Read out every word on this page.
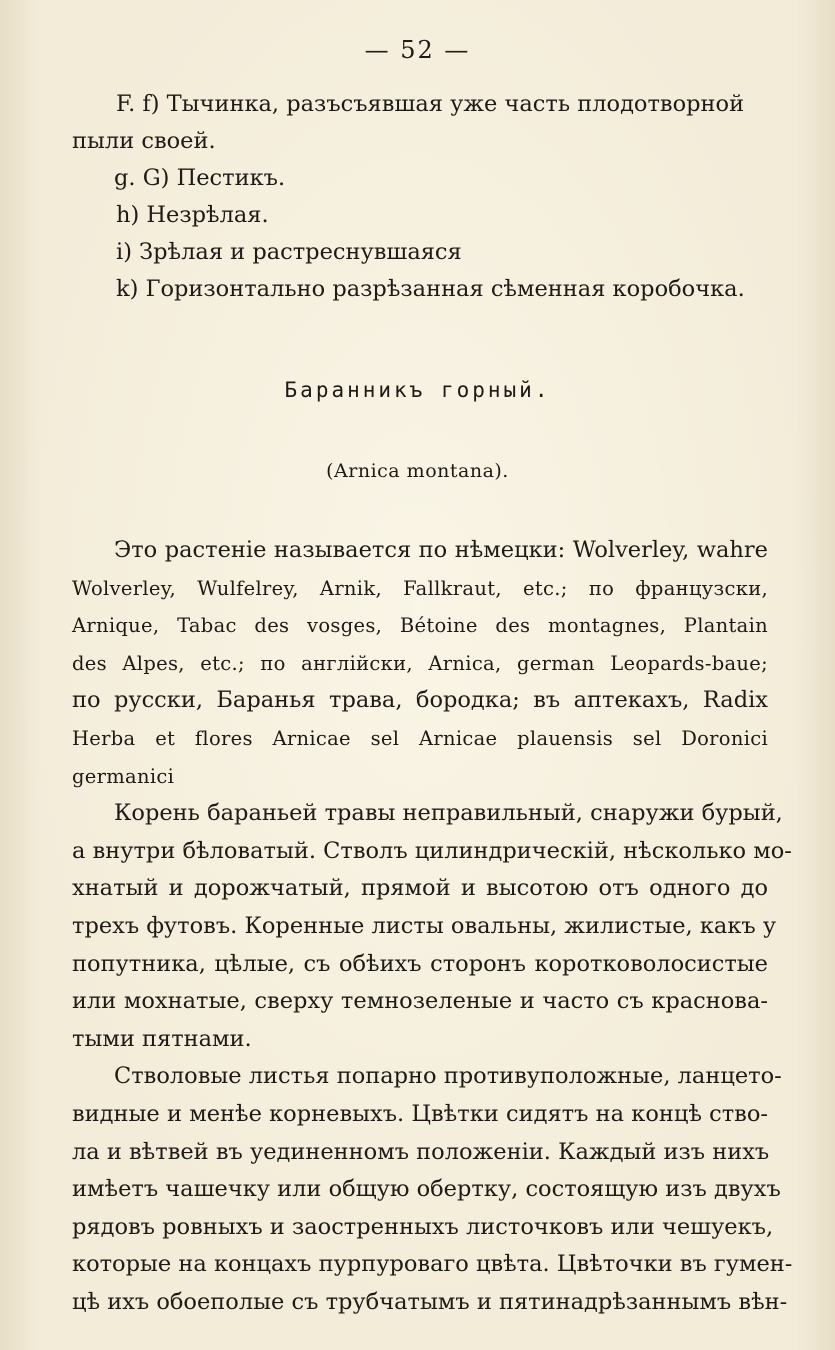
— 52 —
F. f) Тычинка, разъсъявшая уже часть плодотворной
пыли своей.
g. G) Пестикъ.
h) Незрѣлая.
i) Зрѣлая и растреснувшаяся
k) Горизонтально разрѣзанная сѣменная коробочка.
Баранникъ горный.
(Arnica montana).
Это растенiе называется по нѣмецки: Wolverley, wahre
Wolverley, Wulfelrey, Arnik, Fallkraut, etc.; по французски,
Arnique, Tabac des vosges, Bétoine des montagnes, Plantain
des Alpes, etc.; по англійски, Arnica, german Leopards-baue;
по русски, Баранья трава, бородка; въ аптекахъ, Radix
Herba et flores Arnicae sel Arnicae plauensis sel Doronici
germanici
Корень бараньей травы неправильный, снаружи бурый,
а внутри бѣловатый. Стволъ цилиндрическій, нѣсколько мо-
хнатый и дорожчатый, прямой и высотою отъ одного до
трехъ футовъ. Коренные листы овальны, жилистые, какъ у
попутника, цѣлые, съ обѣихъ сторонъ коротковолосистые
или мохнатые, сверху темнозеленые и часто съ краснова-
тыми пятнами.
Стволовые листья попарно противуположные, ланцето-
видные и менѣе корневыхъ. Цвѣтки сидятъ на концѣ ство-
ла и вѣтвей въ уединенномъ положенiи. Каждый изъ нихъ
имѣетъ чашечку или общую обертку, состоящую изъ двухъ
рядовъ ровныхъ и заостренныхъ листочковъ или чешуекъ,
которые на концахъ пурпуроваго цвѣта. Цвѣточки въ гумен-
цѣ ихъ обоеполые съ трубчатымъ и пятинадрѣзаннымъ вѣн-
